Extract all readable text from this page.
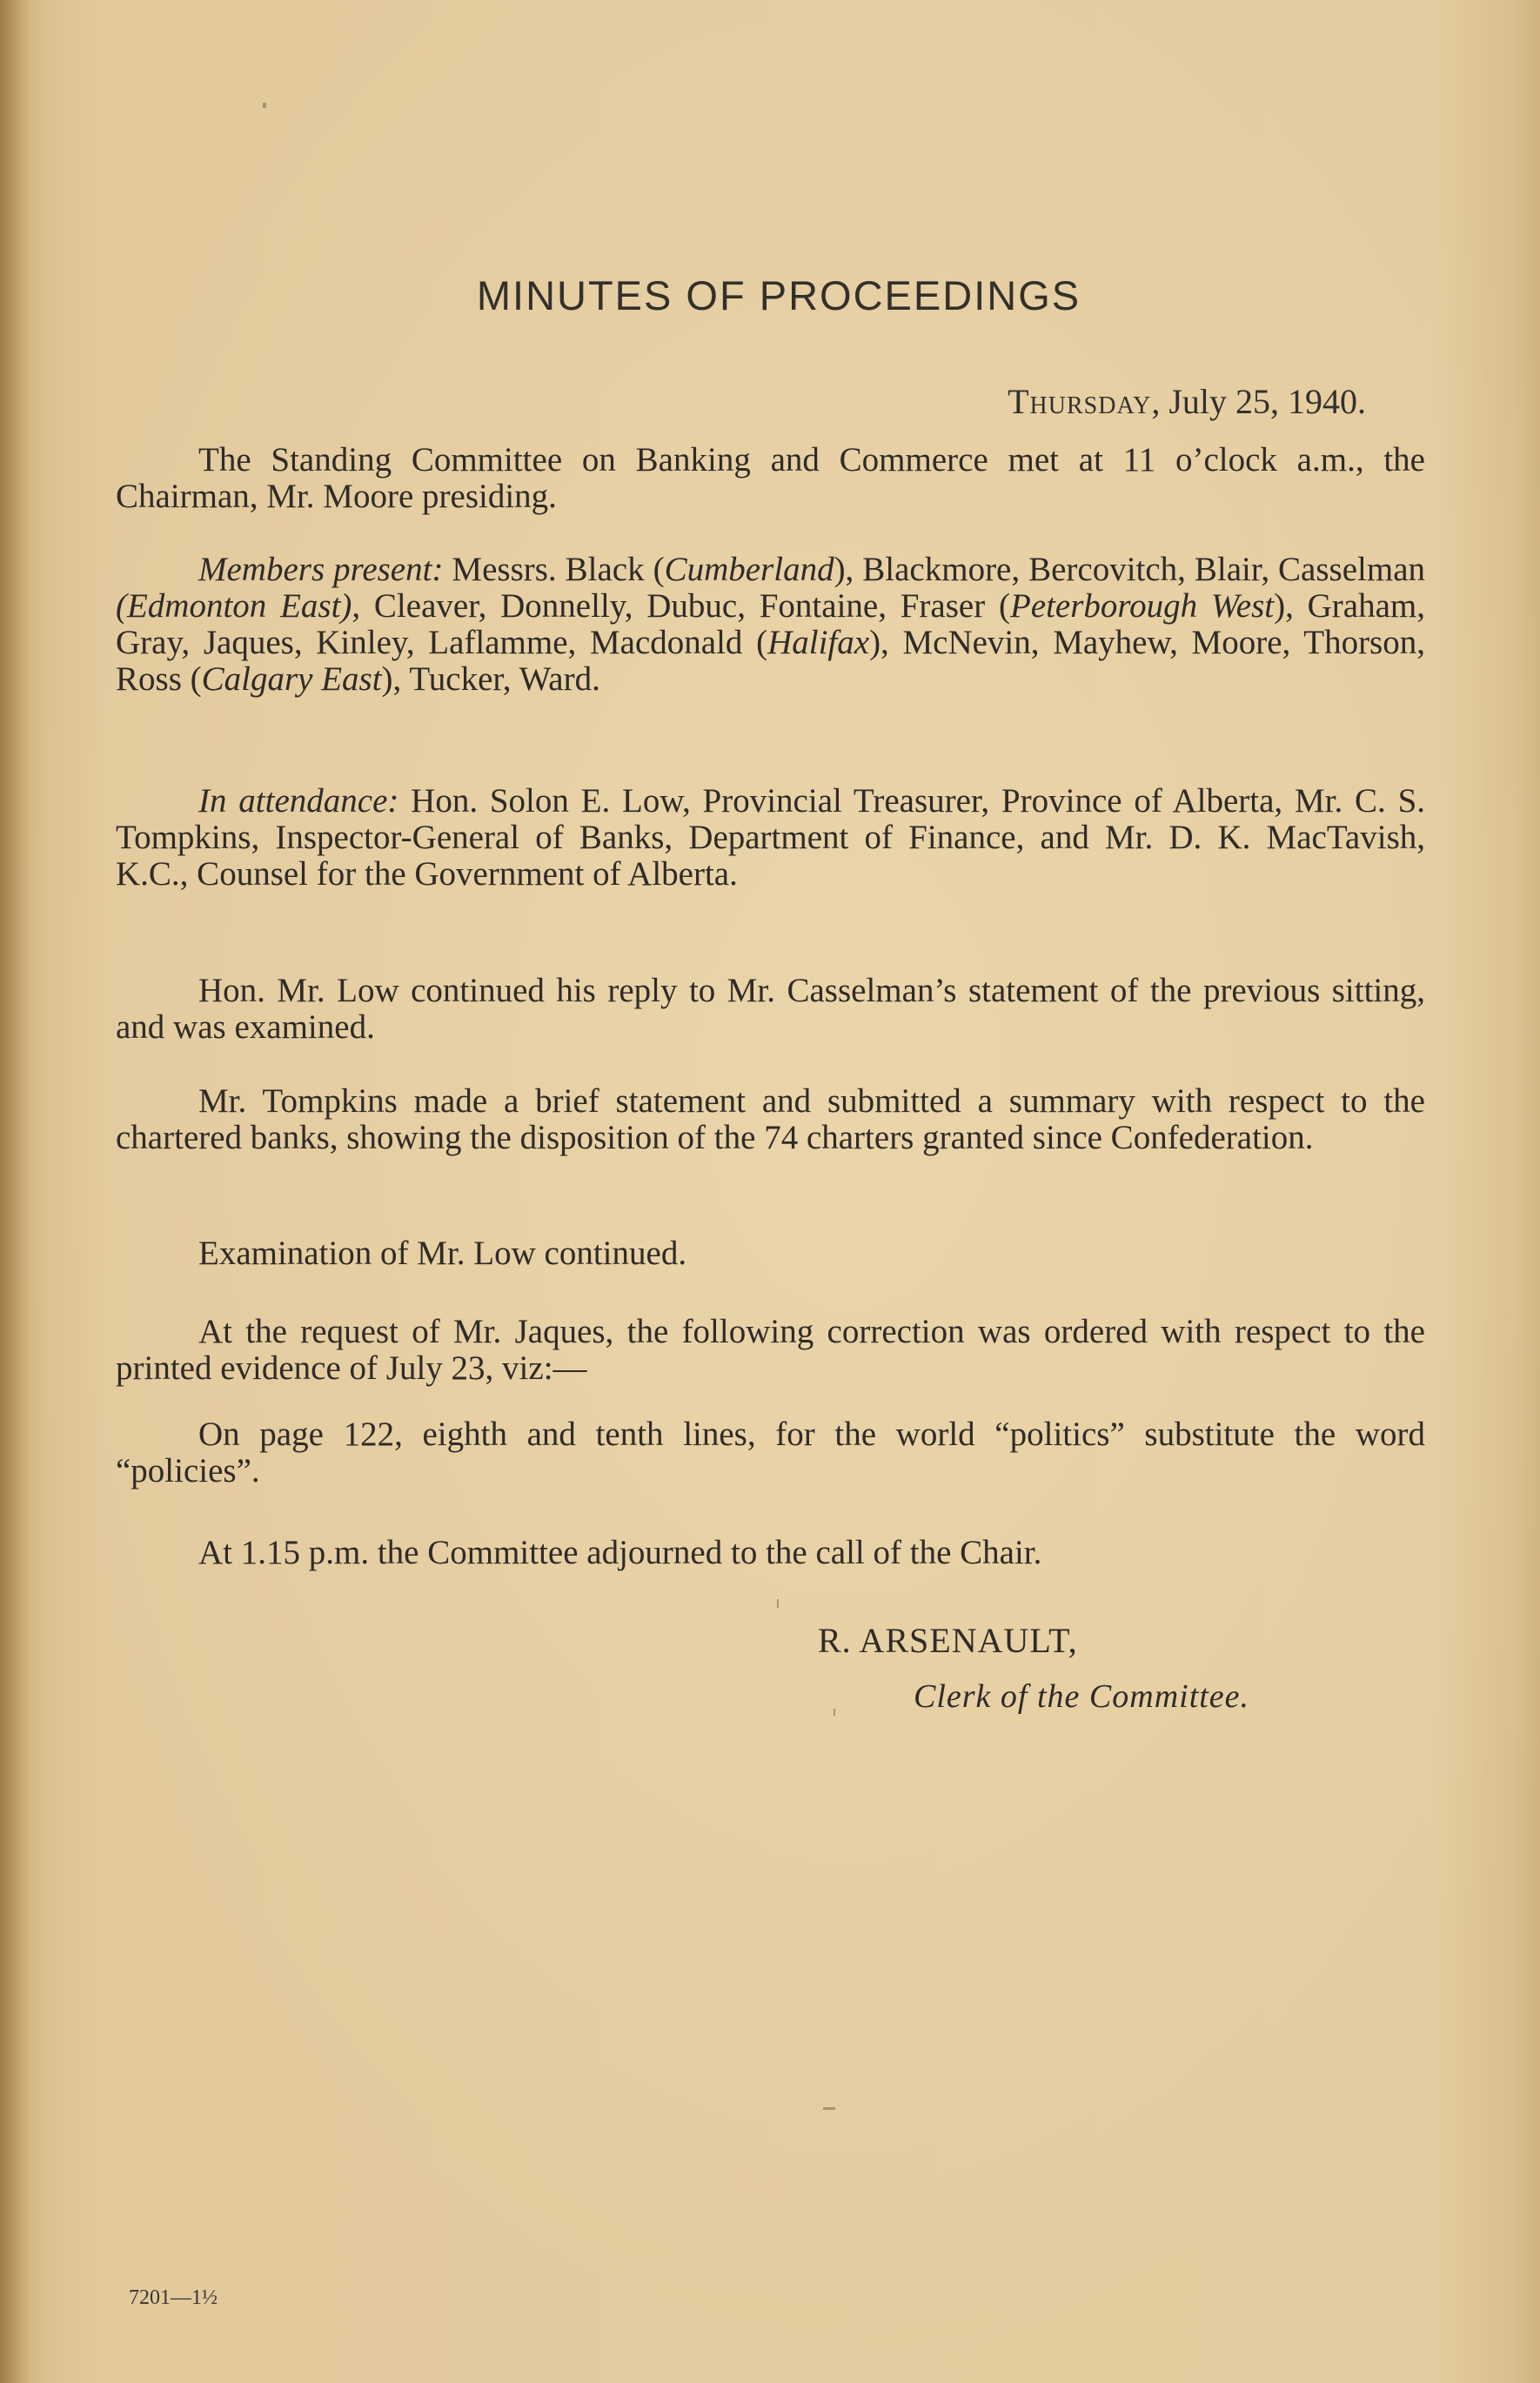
MINUTES OF PROCEEDINGS
Thursday, July 25, 1940.
The Standing Committee on Banking and Commerce met at 11 o’clock a.m., the Chairman, Mr. Moore presiding.
Members present: Messrs. Black (Cumberland), Blackmore, Bercovitch, Blair, Casselman (Edmonton East), Cleaver, Donnelly, Dubuc, Fontaine, Fraser (Peterborough West), Graham, Gray, Jaques, Kinley, Laflamme, Macdonald (Halifax), McNevin, Mayhew, Moore, Thorson, Ross (Calgary East), Tucker, Ward.
In attendance: Hon. Solon E. Low, Provincial Treasurer, Province of Alberta, Mr. C. S. Tompkins, Inspector-General of Banks, Department of Finance, and Mr. D. K. MacTavish, K.C., Counsel for the Government of Alberta.
Hon. Mr. Low continued his reply to Mr. Casselman’s statement of the previous sitting, and was examined.
Mr. Tompkins made a brief statement and submitted a summary with respect to the chartered banks, showing the disposition of the 74 charters granted since Confederation.
Examination of Mr. Low continued.
At the request of Mr. Jaques, the following correction was ordered with respect to the printed evidence of July 23, viz:—
On page 122, eighth and tenth lines, for the world “politics” substitute the word “policies”.
At 1.15 p.m. the Committee adjourned to the call of the Chair.
R. ARSENAULT,
Clerk of the Committee.
7201—1½
